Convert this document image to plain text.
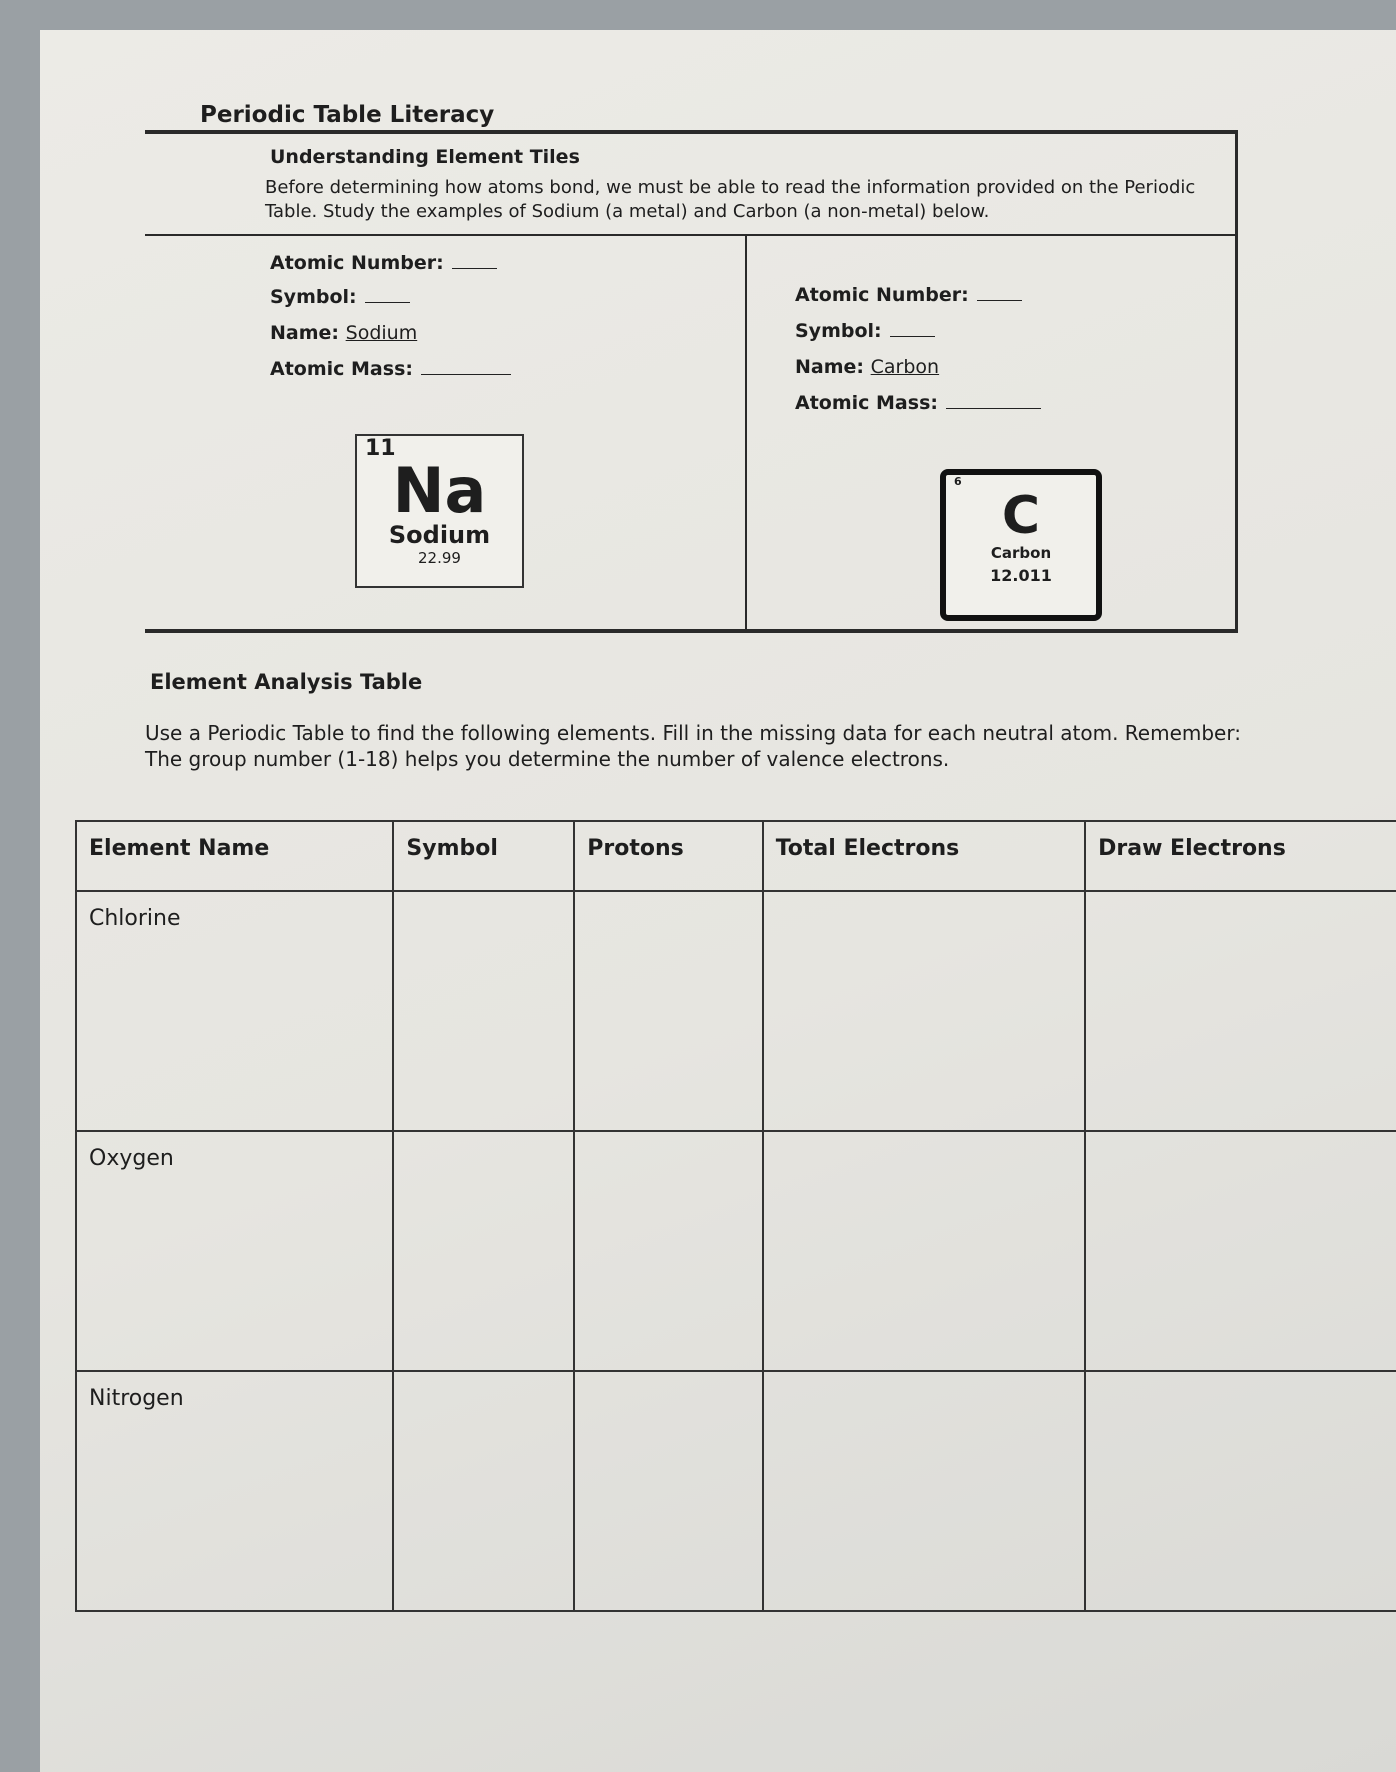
Periodic Table Literacy
Understanding Element Tiles
Before determining how atoms bond, we must be able to read the information provided on the Periodic Table. Study the examples of Sodium (a metal) and Carbon (a non-metal) below.
Atomic Number:
Symbol:
Name: Sodium
Atomic Mass:
Atomic Number:
Symbol:
Name: Carbon
Atomic Mass:
11
Na
Sodium
22.99
6
C
Carbon
12.011
Element Analysis Table
Use a Periodic Table to find the following elements. Fill in the missing data for each neutral atom. Remember: The group number (1-18) helps you determine the number of valence electrons.
Element Name	Symbol	Protons	Total Electrons	Draw Electrons
Chlorine				
Oxygen				
Nitrogen				
